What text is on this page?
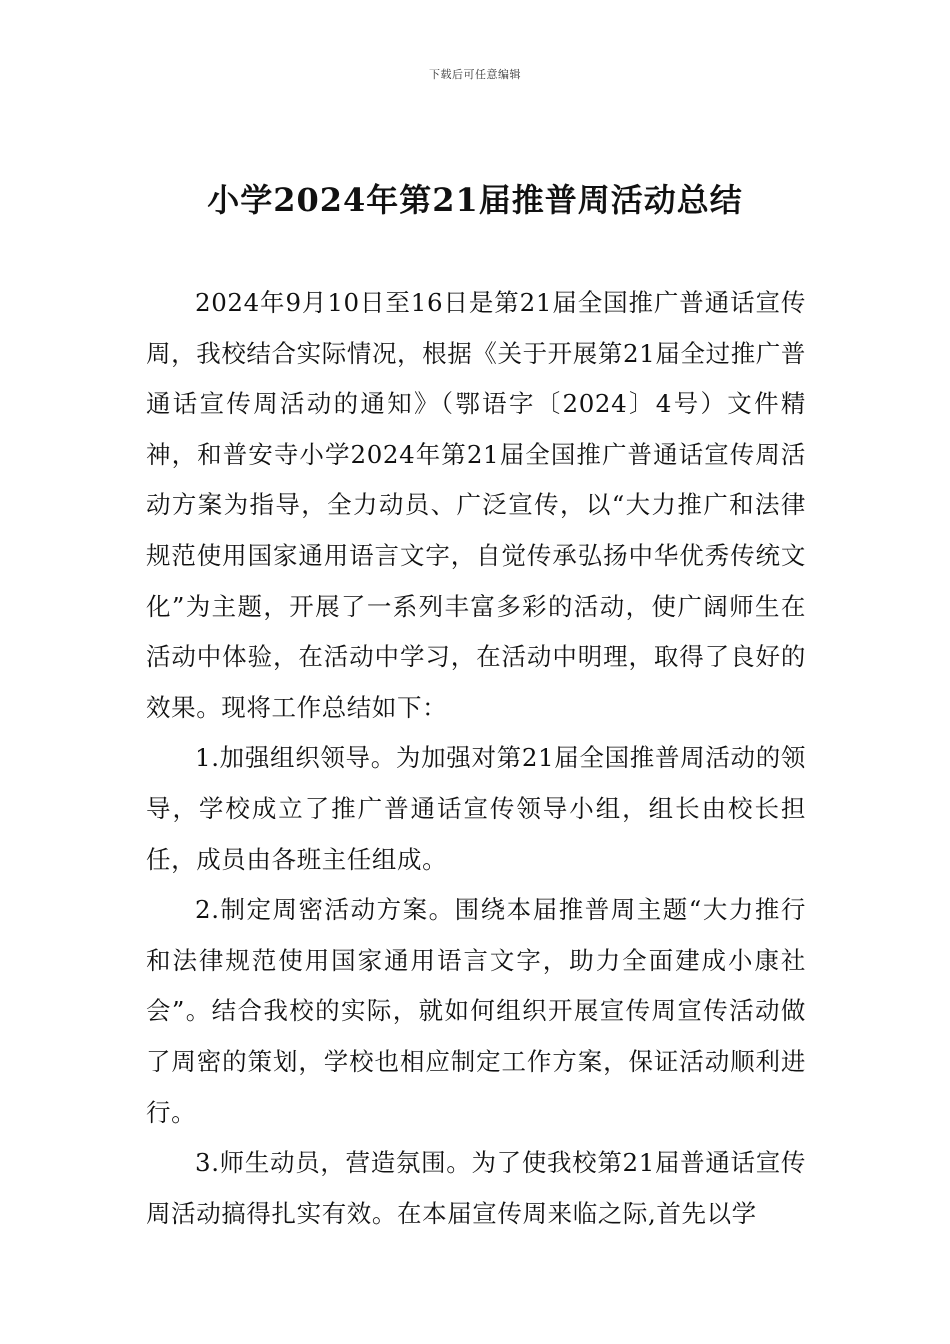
下载后可任意编辑
小学2024年第21届推普周活动总结

2024年9月10日至16日是第21届全国推广普通话宣传周，我校结合实际情况，根据《关于开展第21届全过推广普通话宣传周活动的通知》（鄂语字〔2024〕4号）文件精神，和普安寺小学2024年第21届全国推广普通话宣传周活动方案为指导，全力动员、广泛宣传，以“大力推广和法律规范使用国家通用语言文字，自觉传承弘扬中华优秀传统文化”为主题，开展了一系列丰富多彩的活动，使广阔师生在活动中体验，在活动中学习，在活动中明理，取得了良好的效果。现将工作总结如下：

1.加强组织领导。为加强对第21届全国推普周活动的领导，学校成立了推广普通话宣传领导小组，组长由校长担任，成员由各班主任组成。

2.制定周密活动方案。围绕本届推普周主题“大力推行和法律规范使用国家通用语言文字，助力全面建成小康社会”。结合我校的实际，就如何组织开展宣传周宣传活动做了周密的策划，学校也相应制定工作方案，保证活动顺利进行。

3.师生动员，营造氛围。为了使我校第21届普通话宣传周活动搞得扎实有效。在本届宣传周来临之际,首先以学
